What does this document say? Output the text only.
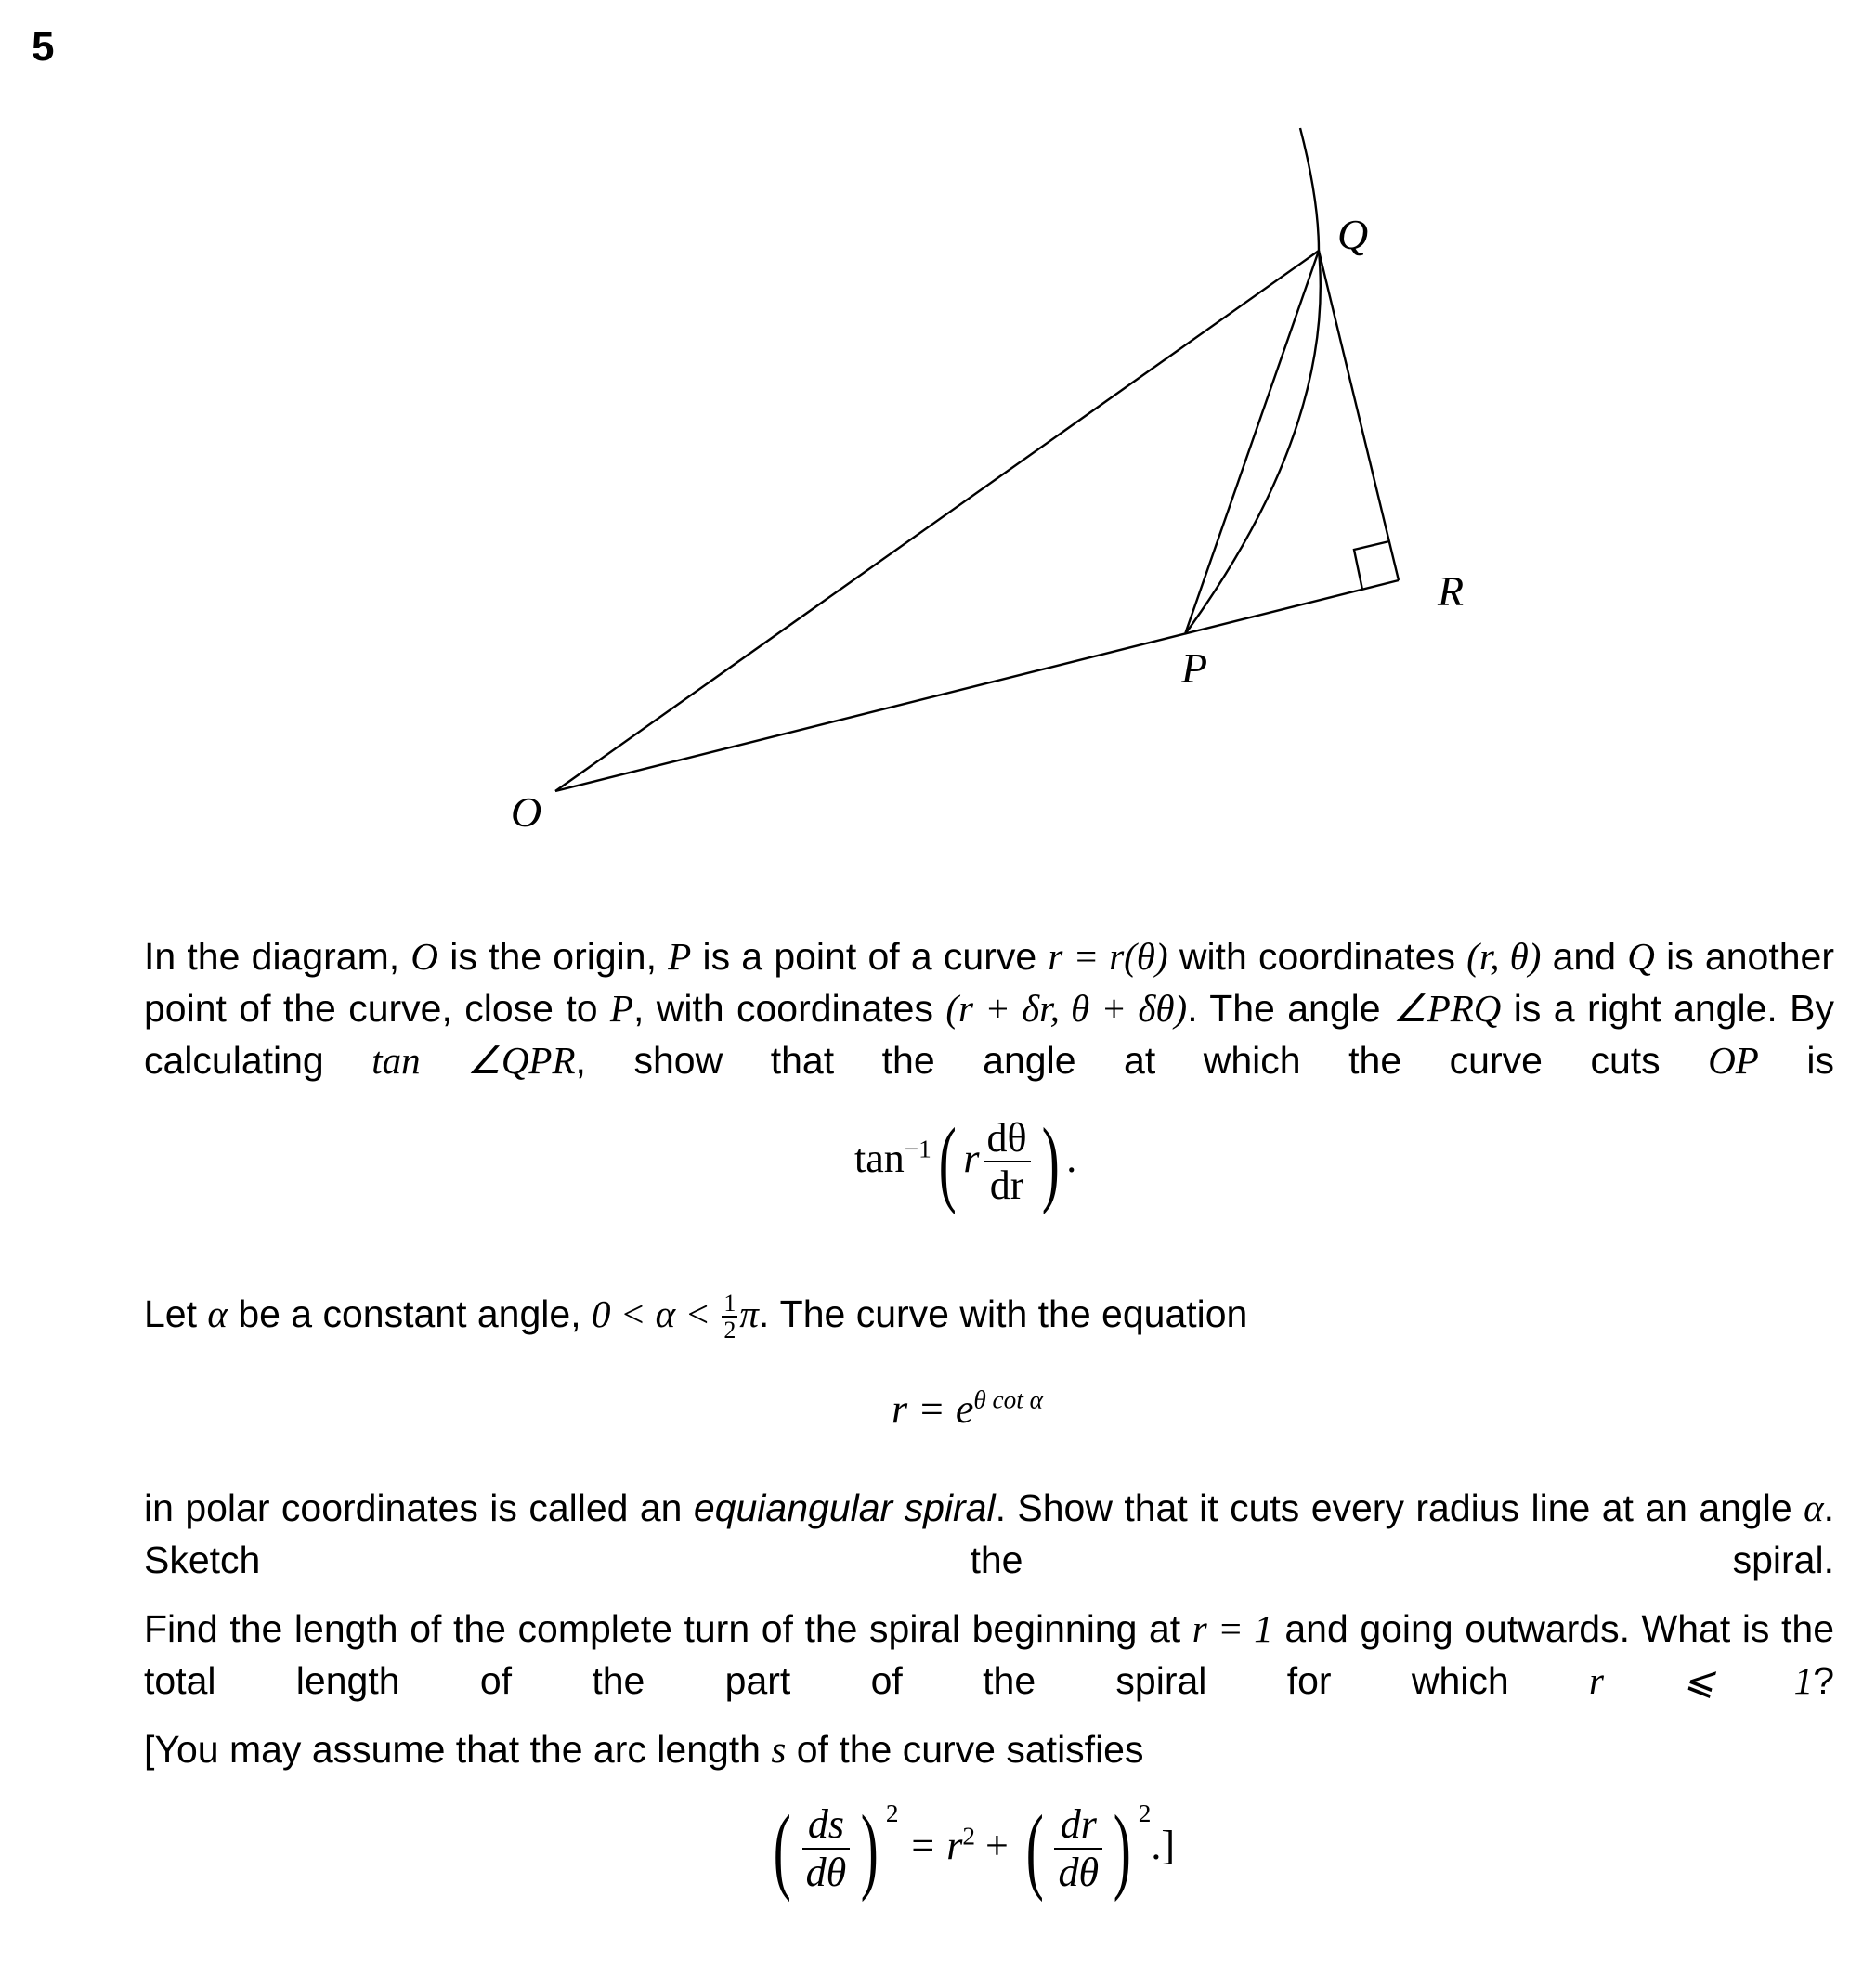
5
O
P
Q
R
In the diagram, O is the origin, P is a point of a curve r = r(θ) with coordinates (r, θ) and Q is another point of the curve, close to P, with coordinates (r + δr, θ + δθ). The angle ∠PRQ is a right angle. By calculating tan ∠QPR, show that the angle at which the curve cuts OP is
$\tan^{-1}$( r $\frac{d\theta}{dr}$ ) .
Let α be a constant angle, $0 < \alpha < \frac{1}{2} \pi$. The curve with the equation
$r = e^{\theta cot \alpha}$
in polar coordinates is called an equiangular spiral. Show that it cuts every radius line at an angle α. Sketch the spiral.
Find the length of the complete turn of the spiral beginning at r = 1 and going outwards. What is the total length of the part of the spiral for which r ⩽ 1?
[You may assume that the arc length s of the curve satisfies
( $\frac{ds}{d\theta}$ ) $^2 = r^2$ + ( $\frac{dr}{d\theta}$ ) $^2$.]
